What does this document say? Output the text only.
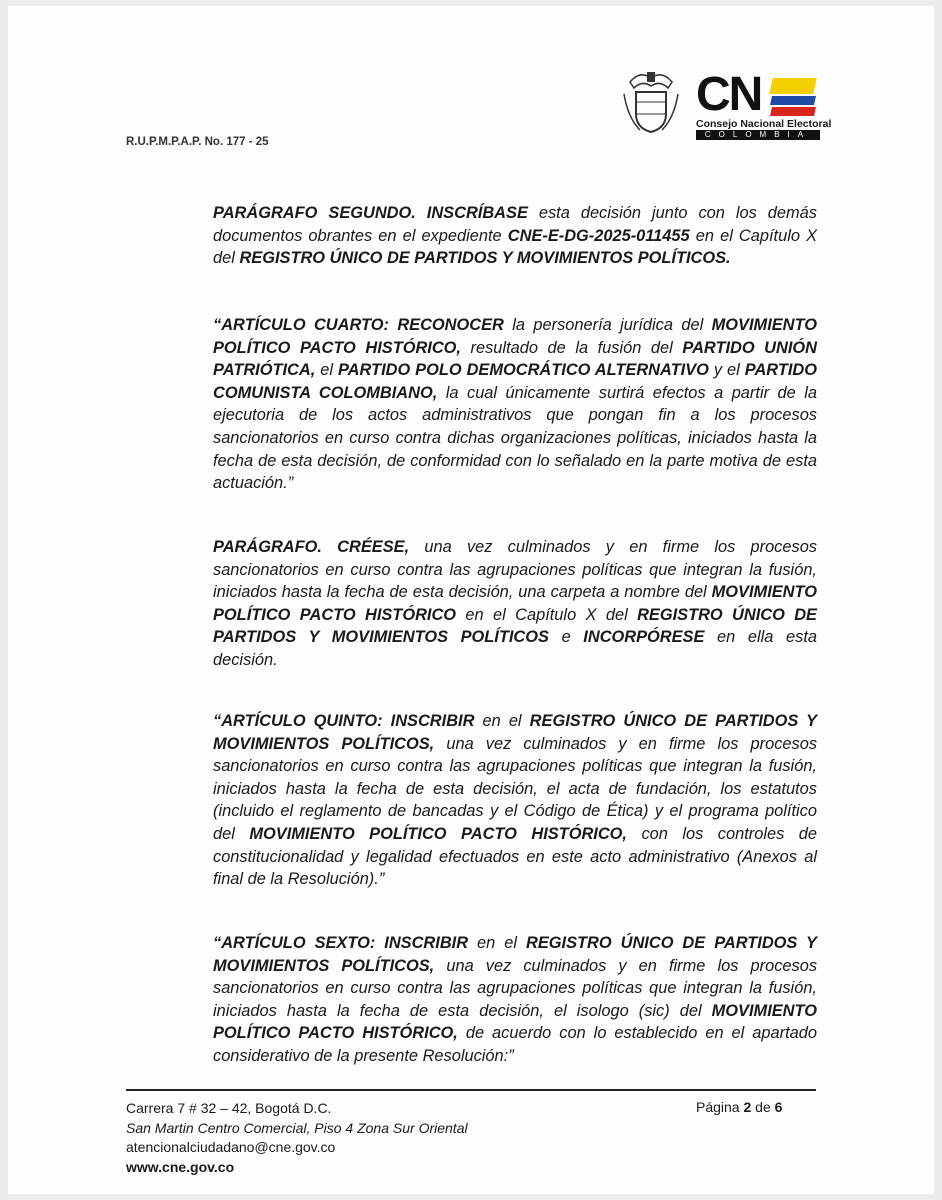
R.U.P.M.P.A.P. No. 177 - 25
CN
Consejo Nacional Electoral
COLOMBIA
PARÁGRAFO SEGUNDO. INSCRÍBASE esta decisión junto con los demás documentos obrantes en el expediente CNE-E-DG-2025-011455 en el Capítulo X del REGISTRO ÚNICO DE PARTIDOS Y MOVIMIENTOS POLÍTICOS.
“ARTÍCULO CUARTO: RECONOCER la personería jurídica del MOVIMIENTO POLÍTICO PACTO HISTÓRICO, resultado de la fusión del PARTIDO UNIÓN PATRIÓTICA, el PARTIDO POLO DEMOCRÁTICO ALTERNATIVO y el PARTIDO COMUNISTA COLOMBIANO, la cual únicamente surtirá efectos a partir de la ejecutoria de los actos administrativos que pongan fin a los procesos sancionatorios en curso contra dichas organizaciones políticas, iniciados hasta la fecha de esta decisión, de conformidad con lo señalado en la parte motiva de esta actuación.”
PARÁGRAFO. CRÉESE, una vez culminados y en firme los procesos sancionatorios en curso contra las agrupaciones políticas que integran la fusión, iniciados hasta la fecha de esta decisión, una carpeta a nombre del MOVIMIENTO POLÍTICO PACTO HISTÓRICO en el Capítulo X del REGISTRO ÚNICO DE PARTIDOS Y MOVIMIENTOS POLÍTICOS e INCORPÓRESE en ella esta decisión.
“ARTÍCULO QUINTO: INSCRIBIR en el REGISTRO ÚNICO DE PARTIDOS Y MOVIMIENTOS POLÍTICOS, una vez culminados y en firme los procesos sancionatorios en curso contra las agrupaciones políticas que integran la fusión, iniciados hasta la fecha de esta decisión, el acta de fundación, los estatutos (incluido el reglamento de bancadas y el Código de Ética) y el programa político del MOVIMIENTO POLÍTICO PACTO HISTÓRICO, con los controles de constitucionalidad y legalidad efectuados en este acto administrativo (Anexos al final de la Resolución).”
“ARTÍCULO SEXTO: INSCRIBIR en el REGISTRO ÚNICO DE PARTIDOS Y MOVIMIENTOS POLÍTICOS, una vez culminados y en firme los procesos sancionatorios en curso contra las agrupaciones políticas que integran la fusión, iniciados hasta la fecha de esta decisión, el isologo (sic) del MOVIMIENTO POLÍTICO PACTO HISTÓRICO, de acuerdo con lo establecido en el apartado considerativo de la presente Resolución:”
Carrera 7 # 32 – 42, Bogotá D.C.
San Martin Centro Comercial, Piso 4 Zona Sur Oriental
atencionalciudadano@cne.gov.co
www.cne.gov.co
Página 2 de 6
